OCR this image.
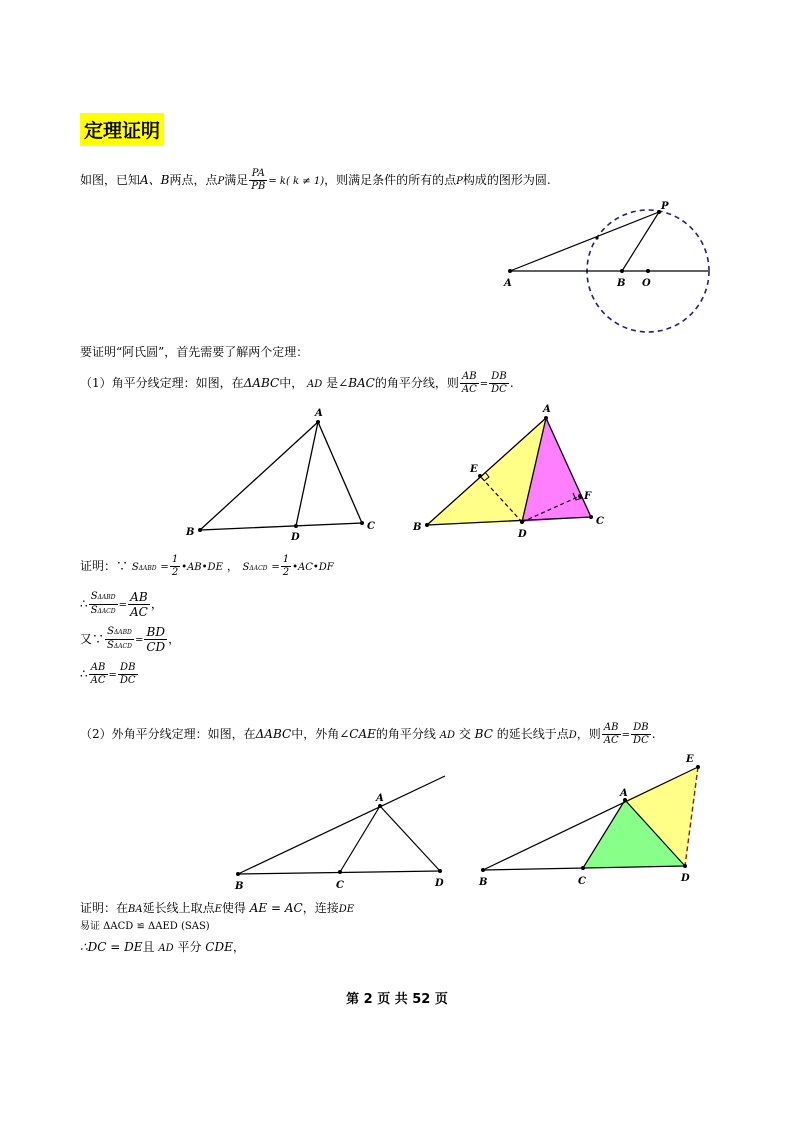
定理证明
如图，已知A、B两点，点P满足 $\frac{PA}{PB} = k$( k ≠ 1)，则满足条件的所有的点P构成的图形为圆.
A	B O
P
A
B
C
D
A
B
C
D
E
F
A
B	C	D
A
B	C	D
E
要证明“阿氏圆”，首先需要了解两个定理：
（1）角平分线定理：如图，在ΔABC中， AD 是∠BAC的角平分线，则 $\frac{AB}{AC} = \frac{DB}{DC}$ .
证明：∵ $S\Delta ABD = \frac{1}{2}$ •AB•DE ， $S\Delta ACD = \frac{1}{2}$ •AC•DF
∴ $\frac{\text{SΔABD}}{\text{SΔACD}} = \frac{AB}{AC}$ ，
又∵ $\frac{\text{SΔABD}}{\text{SΔACD}} = \frac{BD}{CD}$ ，
∴ $\frac{AB}{AC} = \frac{DB}{DC}$
（2）外角平分线定理：如图，在ΔABC中，外角∠CAE的角平分线 AD 交 BC 的延长线于点D，则 $\frac{AB}{AC} = \frac{DB}{DC}$ .
证明：在BA延长线上取点E使得 AE = AC，连接DE
易证 ΔACD ≌ ΔAED (SAS)
∴DC = DE且 AD 平分 CDE，
第 2 页 共 52 页
